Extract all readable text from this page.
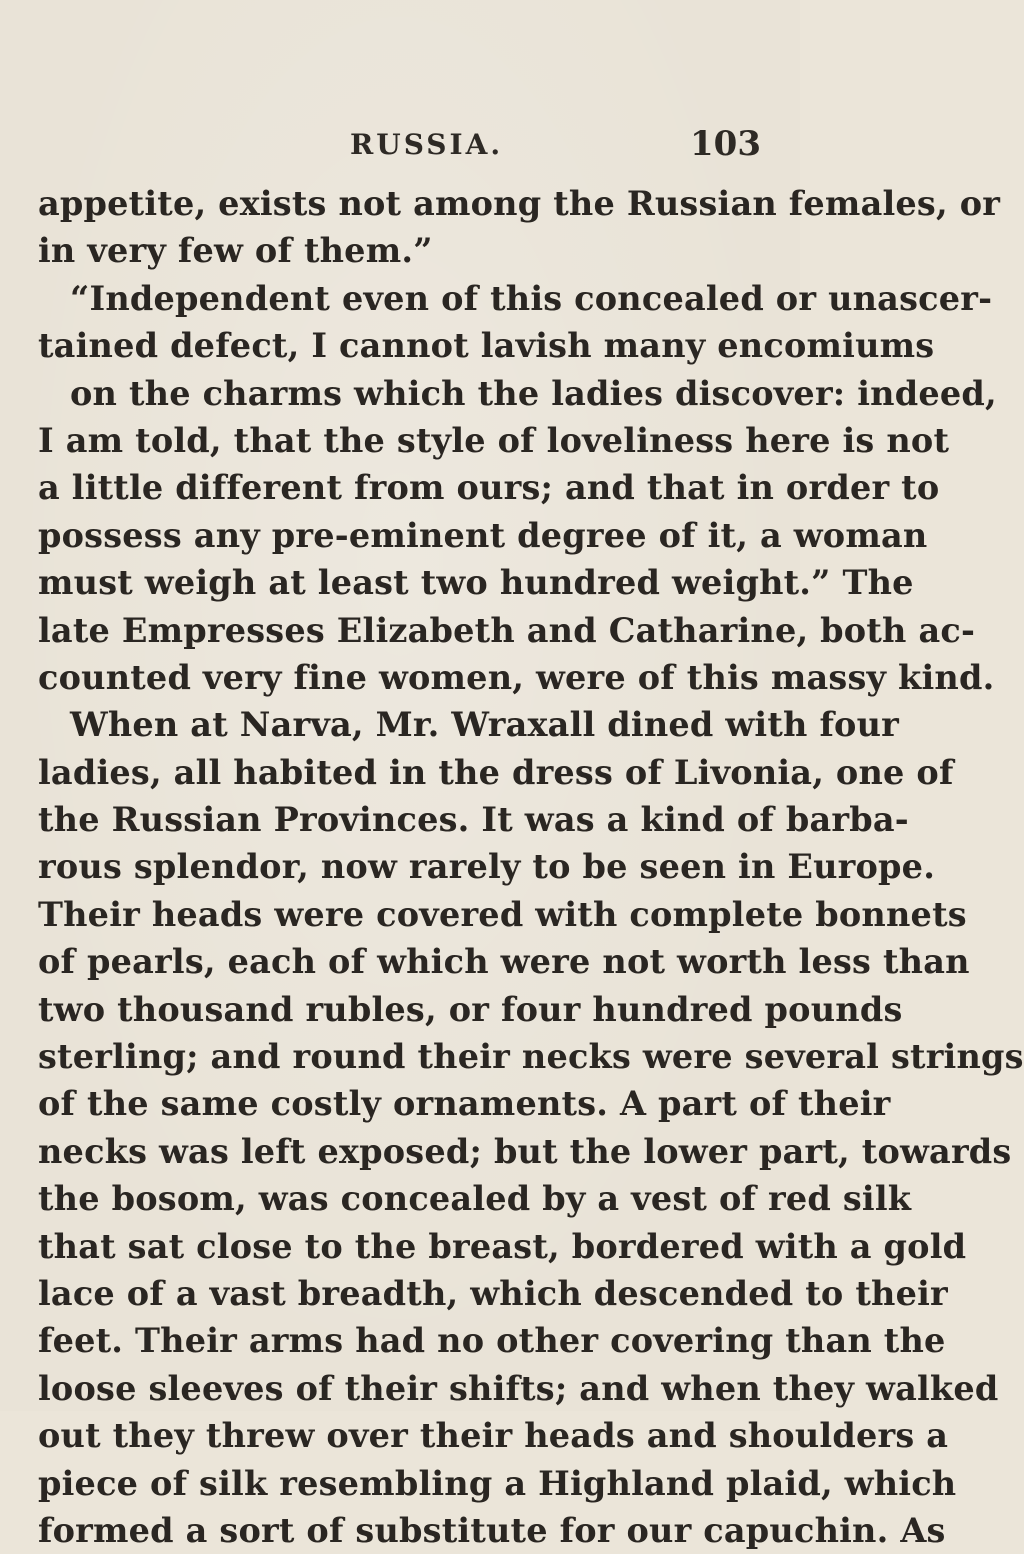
RUSSIA.	103
appetite, exists not among the Russian females, or
in very few of them.”
“Independent even of this concealed or unascer-
tained defect, I cannot lavish many encomiums
on the charms which the ladies discover: indeed,
I am told, that the style of loveliness here is not
a little different from ours; and that in order to
possess any pre-eminent degree of it, a woman
must weigh at least two hundred weight.” The
late Empresses Elizabeth and Catharine, both ac-
counted very fine women, were of this massy kind.
When at Narva, Mr. Wraxall dined with four
ladies, all habited in the dress of Livonia, one of
the Russian Provinces. It was a kind of barba-
rous splendor, now rarely to be seen in Europe.
Their heads were covered with complete bonnets
of pearls, each of which were not worth less than
two thousand rubles, or four hundred pounds
sterling; and round their necks were several strings
of the same costly ornaments. A part of their
necks was left exposed; but the lower part, towards
the bosom, was concealed by a vest of red silk
that sat close to the breast, bordered with a gold
lace of a vast breadth, which descended to their
feet. Their arms had no other covering than the
loose sleeves of their shifts; and when they walked
out they threw over their heads and shoulders a
piece of silk resembling a Highland plaid, which
formed a sort of substitute for our capuchin. As
